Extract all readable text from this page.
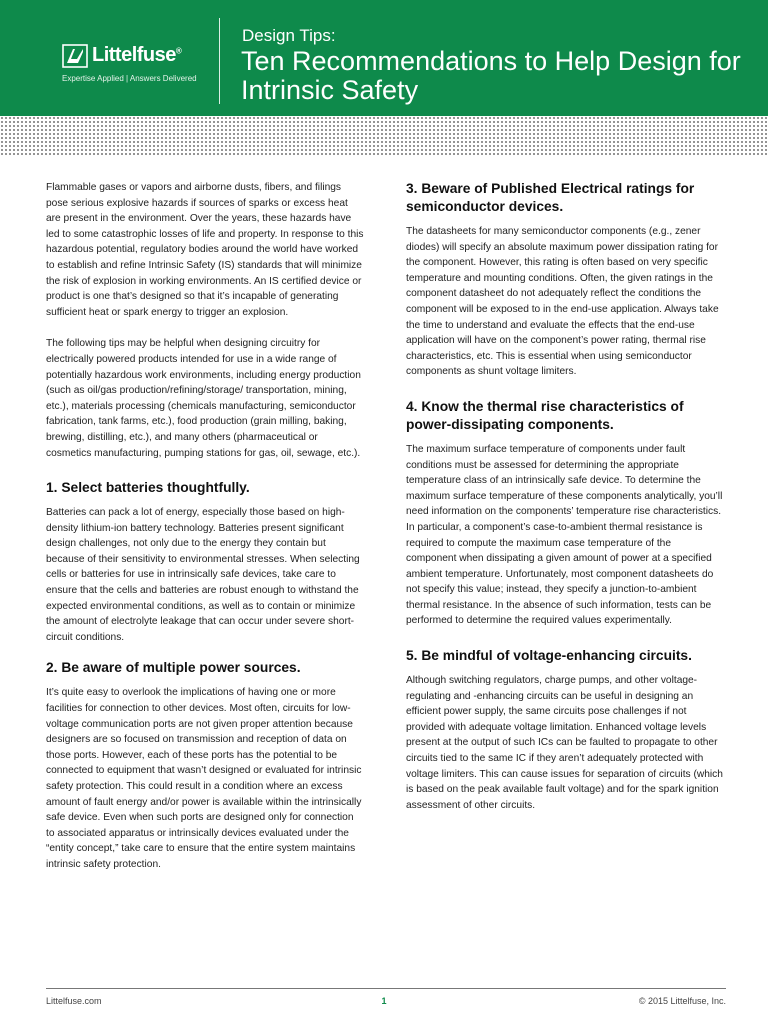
Littelfuse®
Expertise Applied | Answers Delivered
Design Tips:
Ten Recommendations to Help Design for Intrinsic Safety

Flammable gases or vapors and airborne dusts, fibers, and filings pose serious explosive hazards if sources of sparks or excess heat are present in the environment. Over the years, these hazards have led to some catastrophic losses of life and property. In response to this hazardous potential, regulatory bodies around the world have worked to establish and refine Intrinsic Safety (IS) standards that will minimize the risk of explosion in working environments. An IS certified device or product is one that’s designed so that it’s incapable of generating sufficient heat or spark energy to trigger an explosion.

The following tips may be helpful when designing circuitry for electrically powered products intended for use in a wide range of potentially hazardous work environments, including energy production (such as oil/gas production/refining/storage/ transportation, mining, etc.), materials processing (chemicals manufacturing, semiconductor fabrication, tank farms, etc.), food production (grain milling, baking, brewing, distilling, etc.), and many others (pharmaceutical or cosmetics manufacturing, pumping stations for gas, oil, sewage, etc.).

1. Select batteries thoughtfully.

Batteries can pack a lot of energy, especially those based on high-density lithium-ion battery technology. Batteries present significant design challenges, not only due to the energy they contain but because of their sensitivity to environmental stresses. When selecting cells or batteries for use in intrinsically safe devices, take care to ensure that the cells and batteries are robust enough to withstand the expected environmental conditions, as well as to contain or minimize the amount of electrolyte leakage that can occur under severe short-circuit conditions.

2. Be aware of multiple power sources.

It’s quite easy to overlook the implications of having one or more facilities for connection to other devices. Most often, circuits for low-voltage communication ports are not given proper attention because designers are so focused on transmission and reception of data on those ports. However, each of these ports has the potential to be connected to equipment that wasn’t designed or evaluated for intrinsic safety protection. This could result in a condition where an excess amount of fault energy and/or power is available within the intrinsically safe device. Even when such ports are designed only for connection to associated apparatus or intrinsically devices evaluated under the “entity concept,” take care to ensure that the entire system maintains intrinsic safety protection.

3. Beware of Published Electrical ratings for semiconductor devices.

The datasheets for many semiconductor components (e.g., zener diodes) will specify an absolute maximum power dissipation rating for the component. However, this rating is often based on very specific temperature and mounting conditions. Often, the given ratings in the component datasheet do not adequately reflect the conditions the component will be exposed to in the end-use application. Always take the time to understand and evaluate the effects that the end-use application will have on the component’s power rating, thermal rise characteristics, etc. This is essential when using semiconductor components as shunt voltage limiters.

4. Know the thermal rise characteristics of power-dissipating components.

The maximum surface temperature of components under fault conditions must be assessed for determining the appropriate temperature class of an intrinsically safe device. To determine the maximum surface temperature of these components analytically, you’ll need information on the components’ temperature rise characteristics. In particular, a component’s case-to-ambient thermal resistance is required to compute the maximum case temperature of the component when dissipating a given amount of power at a specified ambient temperature. Unfortunately, most component datasheets do not specify this value; instead, they specify a junction-to-ambient thermal resistance. In the absence of such information, tests can be performed to determine the required values experimentally.

5. Be mindful of voltage-enhancing circuits.

Although switching regulators, charge pumps, and other voltage-regulating and -enhancing circuits can be useful in designing an efficient power supply, the same circuits pose challenges if not provided with adequate voltage limitation. Enhanced voltage levels present at the output of such ICs can be faulted to propagate to other circuits tied to the same IC if they aren’t adequately protected with voltage limiters. This can cause issues for separation of circuits (which is based on the peak available fault voltage) and for the spark ignition assessment of other circuits.

Littelfuse.com	1	© 2015 Littelfuse, Inc.
